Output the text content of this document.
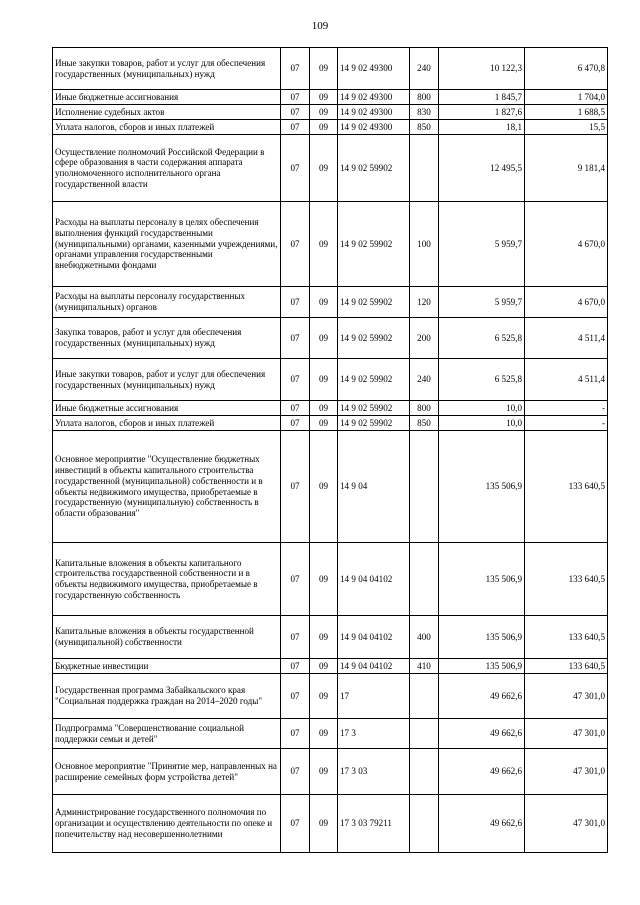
109
Иные закупки товаров, работ и услуг для обеспечения государственных (муниципальных) нужд	07	09	14 9 02 49300	240	10 122,3	6 470,8
Иные бюджетные ассигнования	07	09	14 9 02 49300	800	1 845,7	1 704,0
Исполнение судебных актов	07	09	14 9 02 49300	830	1 827,6	1 688,5
Уплата налогов, сборов и иных платежей	07	09	14 9 02 49300	850	18,1	15,5
Осуществление полномочий Российской Федерации в сфере образования в части содержания аппарата уполномоченного исполнительного органа государственной власти	07	09	14 9 02 59902		12 495,5	9 181,4
Расходы на выплаты персоналу в целях обеспечения выполнения функций государственными (муниципальными) органами, казенными учреждениями, органами управления государственными внебюджетными фондами	07	09	14 9 02 59902	100	5 959,7	4 670,0
Расходы на выплаты персоналу государственных (муниципальных) органов	07	09	14 9 02 59902	120	5 959,7	4 670,0
Закупка товаров, работ и услуг для обеспечения государственных (муниципальных) нужд	07	09	14 9 02 59902	200	6 525,8	4 511,4
Иные закупки товаров, работ и услуг для обеспечения государственных (муниципальных) нужд	07	09	14 9 02 59902	240	6 525,8	4 511,4
Иные бюджетные ассигнования	07	09	14 9 02 59902	800	10,0	-
Уплата налогов, сборов и иных платежей	07	09	14 9 02 59902	850	10,0	-
Основное мероприятие "Осуществление бюджетных инвестиций в объекты капитального строительства государственной (муниципальной) собственности и в объекты недвижимого имущества, приобретаемые в государственную (муниципальную) собственность в области образования"	07	09	14 9 04		135 506,9	133 640,5
Капитальные вложения в объекты капитального строительства государственной собственности и в объекты недвижимого имущества, приобретаемые в государственную собственность	07	09	14 9 04 04102		135 506,9	133 640,5
Капитальные вложения в объекты государственной (муниципальной) собственности	07	09	14 9 04 04102	400	135 506,9	133 640,5
Бюджетные инвестиции	07	09	14 9 04 04102	410	135 506,9	133 640,5
Государственная программа Забайкальского края "Социальная поддержка граждан на 2014–2020 годы"	07	09	17		49 662,6	47 301,0
Подпрограмма "Совершенствование социальной поддержки семьи и детей"	07	09	17 3		49 662,6	47 301,0
Основное мероприятие "Принятие мер, направленных на расширение семейных форм устройства детей"	07	09	17 3 03		49 662,6	47 301,0
Администрирование государственного полномочия по организации и осуществлению деятельности по опеке и попечительству над несовершеннолетними	07	09	17 3 03 79211		49 662,6	47 301,0
